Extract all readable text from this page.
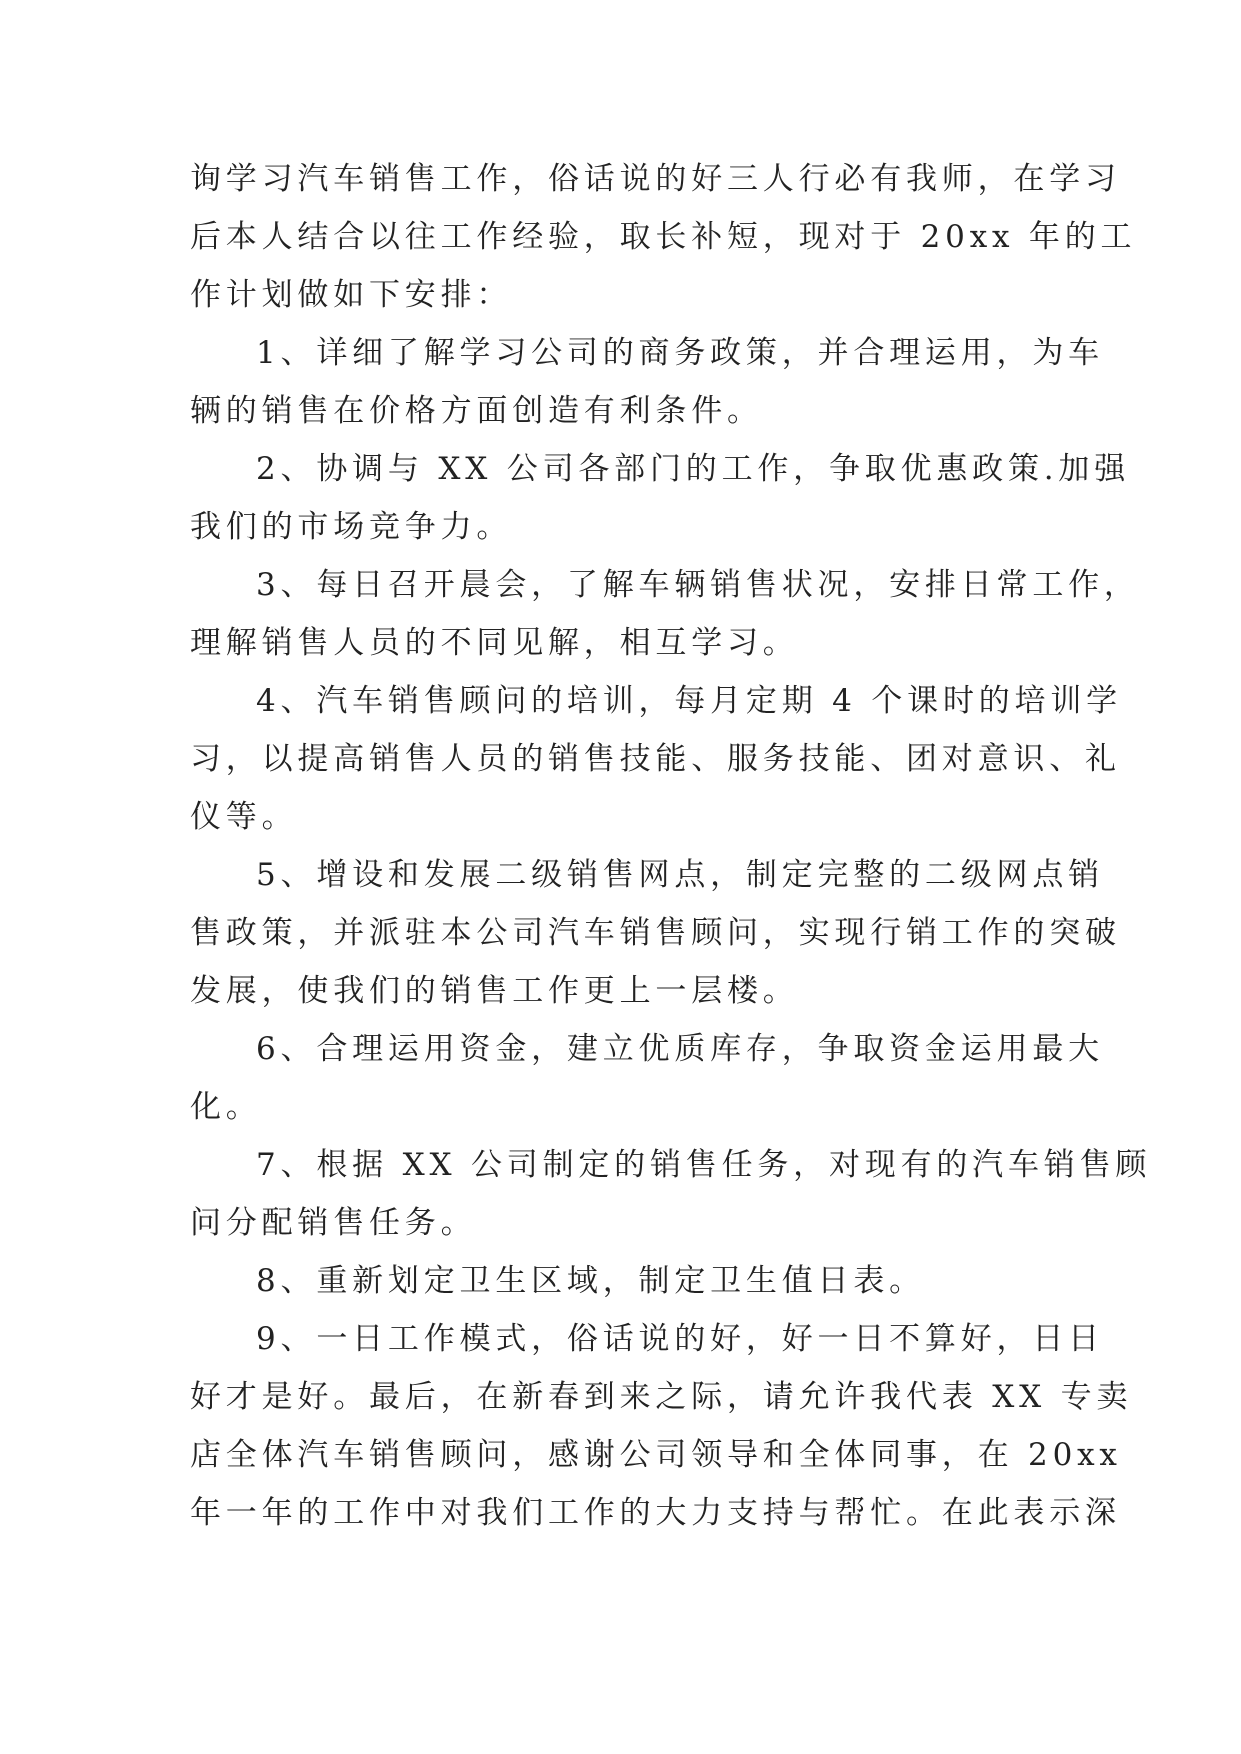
询学习汽车销售工作，俗话说的好三人行必有我师，在学习
后本人结合以往工作经验，取长补短，现对于 20xx 年的工
作计划做如下安排：
1、详细了解学习公司的商务政策，并合理运用，为车
辆的销售在价格方面创造有利条件。
2、协调与 XX 公司各部门的工作，争取优惠政策.加强
我们的市场竞争力。
3、每日召开晨会，了解车辆销售状况，安排日常工作，
理解销售人员的不同见解，相互学习。
4、汽车销售顾问的培训，每月定期 4 个课时的培训学
习，以提高销售人员的销售技能、服务技能、团对意识、礼
仪等。
5、增设和发展二级销售网点，制定完整的二级网点销
售政策，并派驻本公司汽车销售顾问，实现行销工作的突破
发展，使我们的销售工作更上一层楼。
6、合理运用资金，建立优质库存，争取资金运用最大
化。
7、根据 XX 公司制定的销售任务，对现有的汽车销售顾
问分配销售任务。
8、重新划定卫生区域，制定卫生值日表。
9、一日工作模式，俗话说的好，好一日不算好，日日
好才是好。最后，在新春到来之际，请允许我代表 XX 专卖
店全体汽车销售顾问，感谢公司领导和全体同事，在 20xx
年一年的工作中对我们工作的大力支持与帮忙。在此表示深
